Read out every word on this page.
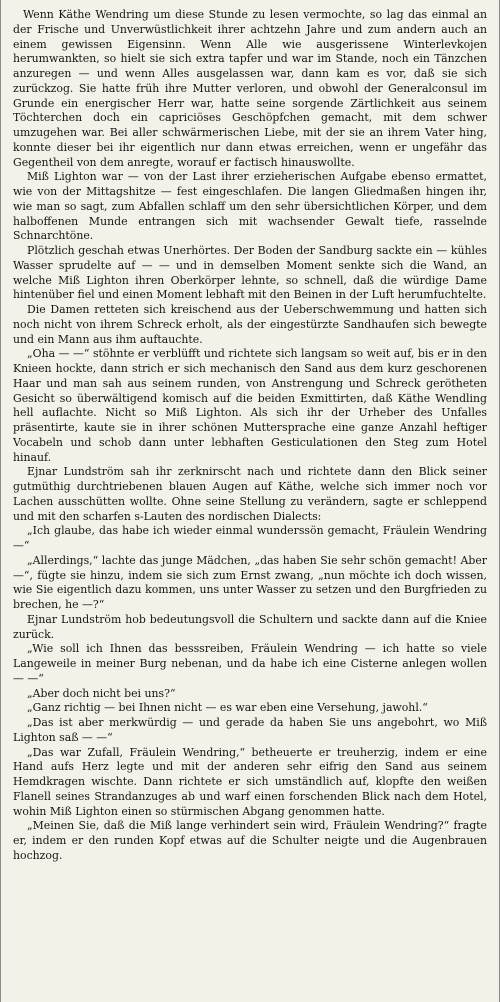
Wenn Käthe Wendring um diese Stunde zu lesen vermochte, so lag das einmal an der Frische und Unverwüstlichkeit ihrer achtzehn Jahre und zum andern auch an einem gewissen Eigensinn. Wenn Alle wie ausgerissene Winterlevkojen herumwankten, so hielt sie sich extra tapfer und war im Stande, noch ein Tänzchen anzuregen — und wenn Alles ausgelassen war, dann kam es vor, daß sie sich zurückzog. Sie hatte früh ihre Mutter verloren, und obwohl der Generalconsul im Grunde ein energischer Herr war, hatte seine sorgende Zärtlichkeit aus seinem Töchterchen doch ein capriciöses Geschöpfchen gemacht, mit dem schwer umzugehen war. Bei aller schwärmerischen Liebe, mit der sie an ihrem Vater hing, konnte dieser bei ihr eigentlich nur dann etwas erreichen, wenn er ungefähr das Gegentheil von dem anregte, worauf er factisch hinauswollte.

Miß Lighton war — von der Last ihrer erzieherischen Aufgabe ebenso ermattet, wie von der Mittagshitze — fest eingeschlafen. Die langen Gliedmaßen hingen ihr, wie man so sagt, zum Abfallen schlaff um den sehr übersichtlichen Körper, und dem halboffenen Munde entrangen sich mit wachsender Gewalt tiefe, rasselnde Schnarchtöne.

Plötzlich geschah etwas Unerhörtes. Der Boden der Sandburg sackte ein — kühles Wasser sprudelte auf — — und in demselben Moment senkte sich die Wand, an welche Miß Lighton ihren Oberkörper lehnte, so schnell, daß die würdige Dame hintenüber fiel und einen Moment lebhaft mit den Beinen in der Luft herumfuchtelte.

Die Damen retteten sich kreischend aus der Ueberschwemmung und hatten sich noch nicht von ihrem Schreck erholt, als der eingestürzte Sandhaufen sich bewegte und ein Mann aus ihm auftauchte.

„Oha — —“ stöhnte er verblüfft und richtete sich langsam so weit auf, bis er in den Knieen hockte, dann strich er sich mechanisch den Sand aus dem kurz geschorenen Haar und man sah aus seinem runden, von Anstrengung und Schreck gerötheten Gesicht so überwältigend komisch auf die beiden Exmittirten, daß Käthe Wendling hell auflachte. Nicht so Miß Lighton. Als sich ihr der Urheber des Unfalles präsentirte, kaute sie in ihrer schönen Muttersprache eine ganze Anzahl heftiger Vocabeln und schob dann unter lebhaften Gesticulationen den Steg zum Hotel hinauf.

Ejnar Lundström sah ihr zerknirscht nach und richtete dann den Blick seiner gutmüthig durchtriebenen blauen Augen auf Käthe, welche sich immer noch vor Lachen ausschütten wollte. Ohne seine Stellung zu verändern, sagte er schleppend und mit den scharfen s-Lauten des nordischen Dialects:

„Ich glaube, das habe ich wieder einmal wunderssön gemacht, Fräulein Wendring —“

„Allerdings,“ lachte das junge Mädchen, „das haben Sie sehr schön gemacht! Aber —“, fügte sie hinzu, indem sie sich zum Ernst zwang, „nun möchte ich doch wissen, wie Sie eigentlich dazu kommen, uns unter Wasser zu setzen und den Burgfrieden zu brechen, he —?“

Ejnar Lundström hob bedeutungsvoll die Schultern und sackte dann auf die Kniee zurück.

„Wie soll ich Ihnen das besssreiben, Fräulein Wendring — ich hatte so viele Langeweile in meiner Burg nebenan, und da habe ich eine Cisterne anlegen wollen — —“

„Aber doch nicht bei uns?“

„Ganz richtig — bei Ihnen nicht — es war eben eine Versehung, jawohl.“

„Das ist aber merkwürdig — und gerade da haben Sie uns angebohrt, wo Miß Lighton saß — —“

„Das war Zufall, Fräulein Wendring,“ betheuerte er treuherzig, indem er eine Hand aufs Herz legte und mit der anderen sehr eifrig den Sand aus seinem Hemdkragen wischte. Dann richtete er sich umständlich auf, klopfte den weißen Flanell seines Strandanzuges ab und warf einen forschenden Blick nach dem Hotel, wohin Miß Lighton einen so stürmischen Abgang genommen hatte.

„Meinen Sie, daß die Miß lange verhindert sein wird, Fräulein Wendring?“ fragte er, indem er den runden Kopf etwas auf die Schulter neigte und die Augenbrauen hochzog.
